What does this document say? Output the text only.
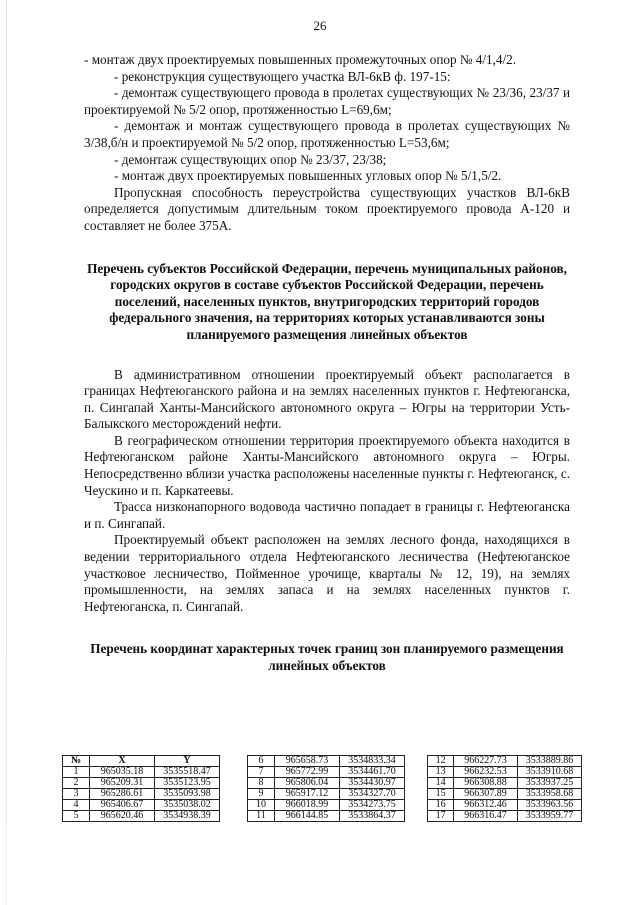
26

- монтаж двух проектируемых повышенных промежуточных опор № 4/1,4/2.

- реконструкция существующего участка ВЛ-6кВ ф. 197-15:

- демонтаж существующего провода в пролетах существующих № 23/36, 23/37 и проектируемой № 5/2 опор, протяженностью L=69,6м;

- демонтаж и монтаж существующего провода в пролетах существующих № 3/38,б/н и проектируемой № 5/2 опор, протяженностью L=53,6м;

- демонтаж существующих опор № 23/37, 23/38;

- монтаж двух проектируемых повышенных угловых опор № 5/1,5/2.

Пропускная способность переустройства существующих участков ВЛ-6кВ определяется допустимым длительным током проектируемого провода А-120 и составляет не более 375А.

Перечень субъектов Российской Федерации, перечень муниципальных районов, городских округов в составе субъектов Российской Федерации, перечень поселений, населенных пунктов, внутригородских территорий городов федерального значения, на территориях которых устанавливаются зоны планируемого размещения линейных объектов

В административном отношении проектируемый объект располагается в границах Нефтеюганского района и на землях населенных пунктов г. Нефтеюганска, п. Сингапай Ханты-Мансийского автономного округа – Югры на территории Усть-Балыкского месторождений нефти.

В географическом отношении территория проектируемого объекта находится в Нефтеюганском районе Ханты-Мансийского автономного округа – Югры. Непосредственно вблизи участка расположены населенные пункты г. Нефтеюганск, с. Чеускино и п. Каркатеевы.

Трасса низконапорного водовода частично попадает в границы г. Нефтеюганска и п. Сингапай.

Проектируемый объект расположен на землях лесного фонда, находящихся в ведении территориального отдела Нефтеюганского лесничества (Нефтеюганское участковое лесничество, Пойменное урочище, кварталы № 12, 19), на землях промышленности, на землях запаса и на землях населенных пунктов г. Нефтеюганска, п. Сингапай.

Перечень координат характерных точек границ зон планируемого размещения линейных объектов

№	X	Y
1	965035.18	3535518.47
2	965209.31	3535123.95
3	965286.61	3535093.98
4	965406.67	3535038.02
5	965620.46	3534938.39
6	965658.73	3534833.34
7	965772.99	3534461.70
8	965806.04	3534430.97
9	965917.12	3534327.70
10	966018.99	3534273.75
11	966144.85	3533864.37
12	966227.73	3533889.86
13	966232.53	3533910.68
14	966308.88	3533937.25
15	966307.89	3533958.68
16	966312.46	3533963.56
17	966316.47	3533959.77
